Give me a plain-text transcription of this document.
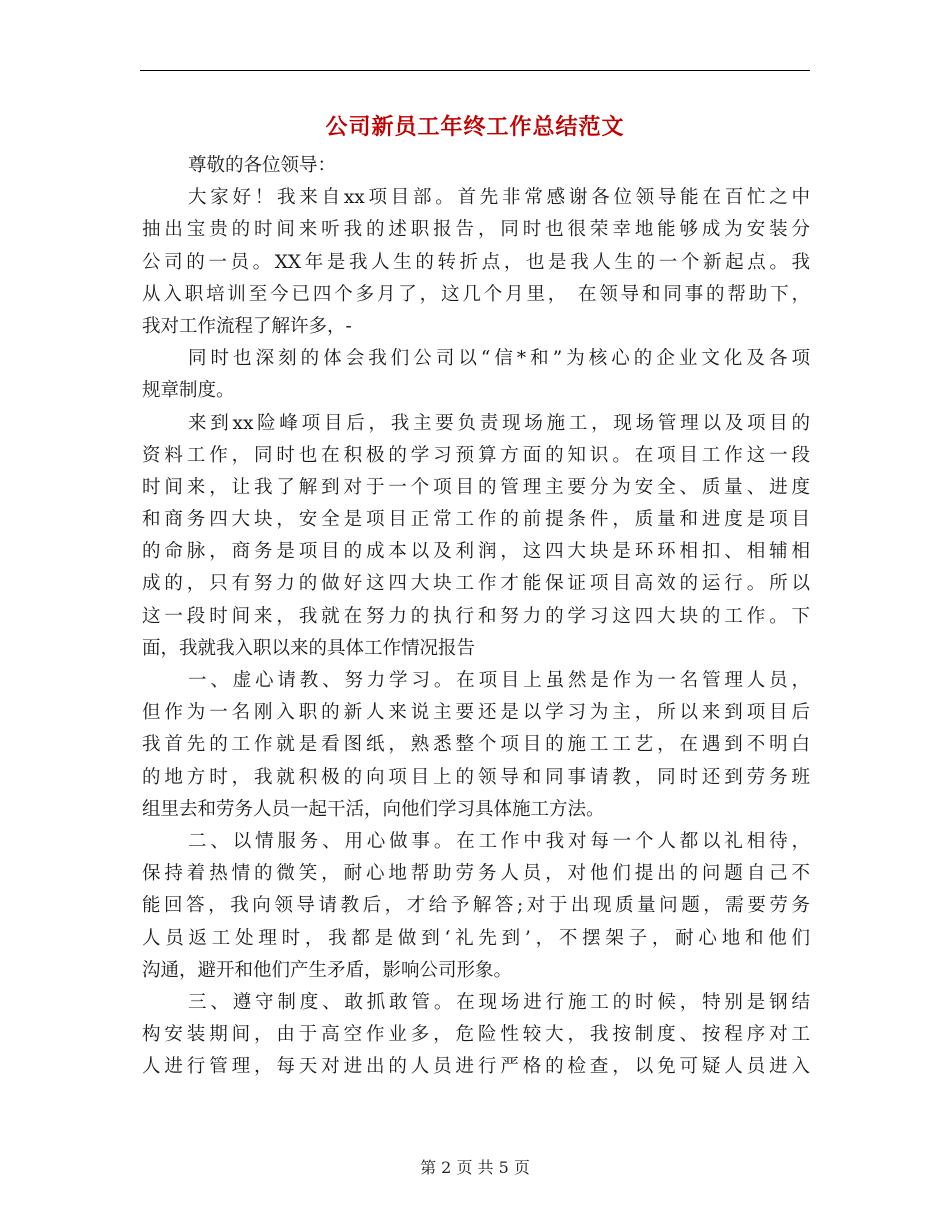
公司新员工年终工作总结范文
尊敬的各位领导：
大家好！我来自xx项目部。首先非常感谢各位领导能在百忙之中
抽出宝贵的时间来听我的述职报告，同时也很荣幸地能够成为安装分
公司的一员。XX年是我人生的转折点，也是我人生的一个新起点。我
从入职培训至今已四个多月了，这几个月里， 在领导和同事的帮助下，
我对工作流程了解许多，-
同时也深刻的体会我们公司以“信*和”为核心的企业文化及各项
规章制度。
来到xx险峰项目后，我主要负责现场施工，现场管理以及项目的
资料工作，同时也在积极的学习预算方面的知识。在项目工作这一段
时间来，让我了解到对于一个项目的管理主要分为安全、质量、进度
和商务四大块，安全是项目正常工作的前提条件，质量和进度是项目
的命脉，商务是项目的成本以及利润，这四大块是环环相扣、相辅相
成的，只有努力的做好这四大块工作才能保证项目高效的运行。所以
这一段时间来，我就在努力的执行和努力的学习这四大块的工作。下
面，我就我入职以来的具体工作情况报告
一、虚心请教、努力学习。在项目上虽然是作为一名管理人员，
但作为一名刚入职的新人来说主要还是以学习为主，所以来到项目后
我首先的工作就是看图纸，熟悉整个项目的施工工艺，在遇到不明白
的地方时，我就积极的向项目上的领导和同事请教，同时还到劳务班
组里去和劳务人员一起干活，向他们学习具体施工方法。
二、以情服务、用心做事。在工作中我对每一个人都以礼相待，
保持着热情的微笑，耐心地帮助劳务人员，对他们提出的问题自己不
能回答，我向领导请教后，才给予解答;对于出现质量问题，需要劳务
人员返工处理时，我都是做到‘礼先到’，不摆架子，耐心地和他们
沟通，避开和他们产生矛盾，影响公司形象。
三、遵守制度、敢抓敢管。在现场进行施工的时候，特别是钢结
构安装期间，由于高空作业多，危险性较大，我按制度、按程序对工
人进行管理，每天对进出的人员进行严格的检查，以免可疑人员进入
第 2 页 共 5 页
